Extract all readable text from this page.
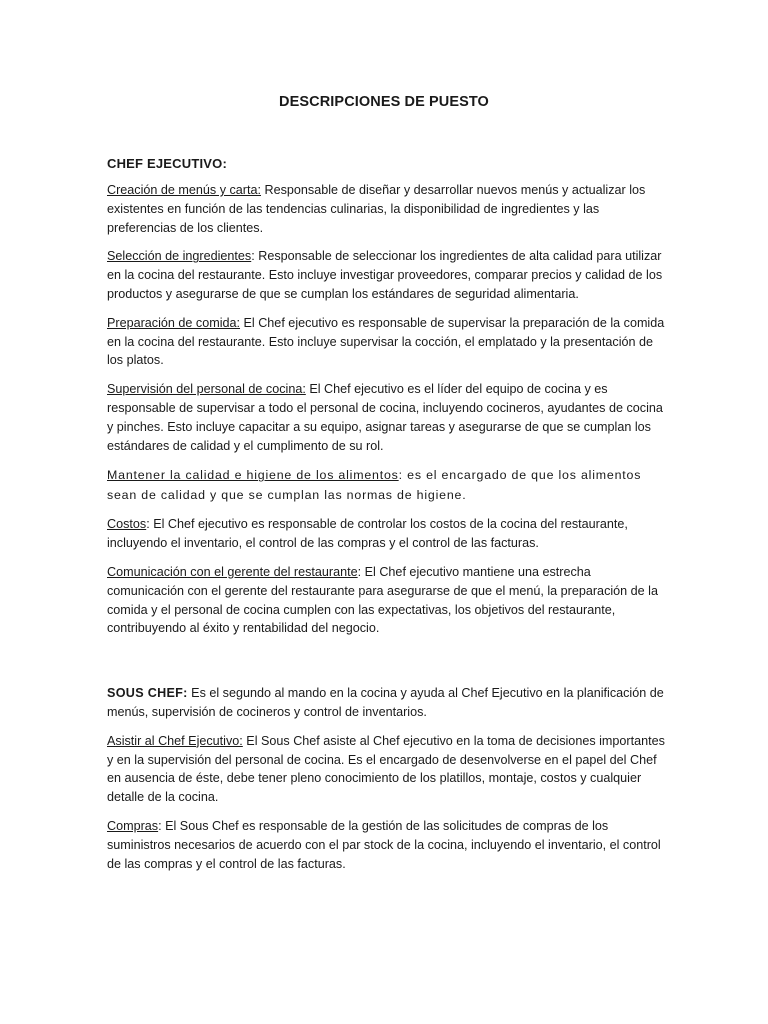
DESCRIPCIONES DE PUESTO
CHEF EJECUTIVO:

Creación de menús y carta: Responsable de diseñar y desarrollar nuevos menús y actualizar los existentes en función de las tendencias culinarias, la disponibilidad de ingredientes y las preferencias de los clientes.

Selección de ingredientes: Responsable de seleccionar los ingredientes de alta calidad para utilizar en la cocina del restaurante. Esto incluye investigar proveedores, comparar precios y calidad de los productos y asegurarse de que se cumplan los estándares de seguridad alimentaria.

Preparación de comida: El Chef ejecutivo es responsable de supervisar la preparación de la comida en la cocina del restaurante. Esto incluye supervisar la cocción, el emplatado y la presentación de los platos.

Supervisión del personal de cocina: El Chef ejecutivo es el líder del equipo de cocina y es responsable de supervisar a todo el personal de cocina, incluyendo cocineros, ayudantes de cocina y pinches. Esto incluye capacitar a su equipo, asignar tareas y asegurarse de que se cumplan los estándares de calidad y el cumplimento de su rol.

Mantener la calidad e higiene de los alimentos: es el encargado de que los alimentos sean de calidad y que se cumplan las normas de higiene.

Costos: El Chef ejecutivo es responsable de controlar los costos de la cocina del restaurante, incluyendo el inventario, el control de las compras y el control de las facturas.

Comunicación con el gerente del restaurante: El Chef ejecutivo mantiene una estrecha comunicación con el gerente del restaurante para asegurarse de que el menú, la preparación de la comida y el personal de cocina cumplen con las expectativas, los objetivos del restaurante, contribuyendo al éxito y rentabilidad del negocio.

SOUS CHEF: Es el segundo al mando en la cocina y ayuda al Chef Ejecutivo en la planificación de menús, supervisión de cocineros y control de inventarios.

Asistir al Chef Ejecutivo: El Sous Chef asiste al Chef ejecutivo en la toma de decisiones importantes y en la supervisión del personal de cocina. Es el encargado de desenvolverse en el papel del Chef en ausencia de éste, debe tener pleno conocimiento de los platillos, montaje, costos y cualquier detalle de la cocina.

Compras: El Sous Chef es responsable de la gestión de las solicitudes de compras de los suministros necesarios de acuerdo con el par stock de la cocina, incluyendo el inventario, el control de las compras y el control de las facturas.
